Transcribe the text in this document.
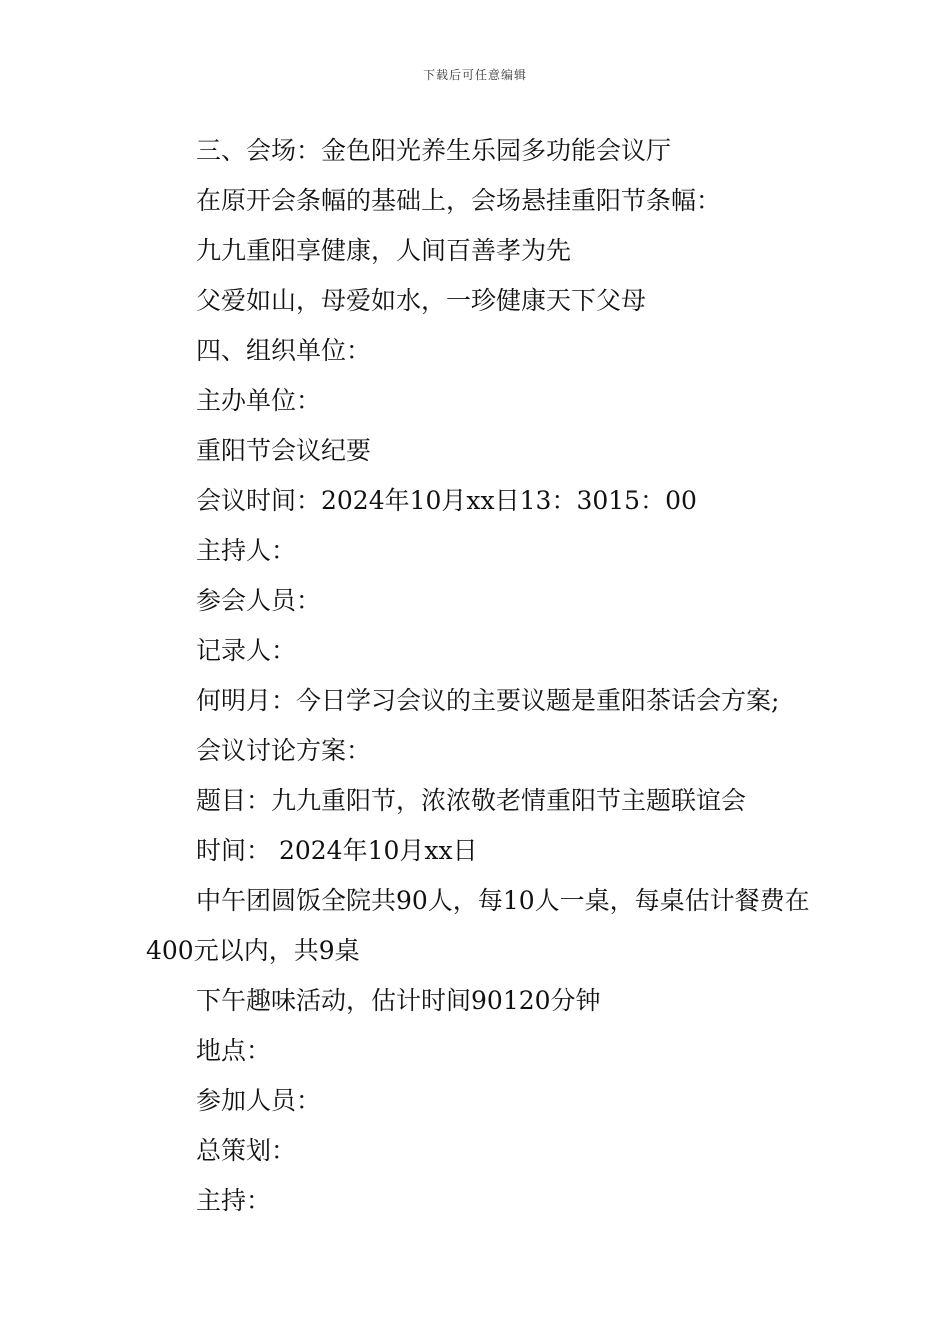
下载后可任意编辑

三、会场：金色阳光养生乐园多功能会议厅

在原开会条幅的基础上，会场悬挂重阳节条幅：

九九重阳享健康，人间百善孝为先

父爱如山，母爱如水，一珍健康天下父母

四、组织单位：

主办单位：

重阳节会议纪要

会议时间：2024年10月xx日13：3015：00

主持人：

参会人员：

记录人：

何明月：今日学习会议的主要议题是重阳茶话会方案;

会议讨论方案：

题目：九九重阳节，浓浓敬老情重阳节主题联谊会

时间： 2024年10月xx日

中午团圆饭全院共90人，每10人一桌，每桌估计餐费在400元以内，共9桌

下午趣味活动，估计时间90120分钟

地点：

参加人员：

总策划：

主持：
